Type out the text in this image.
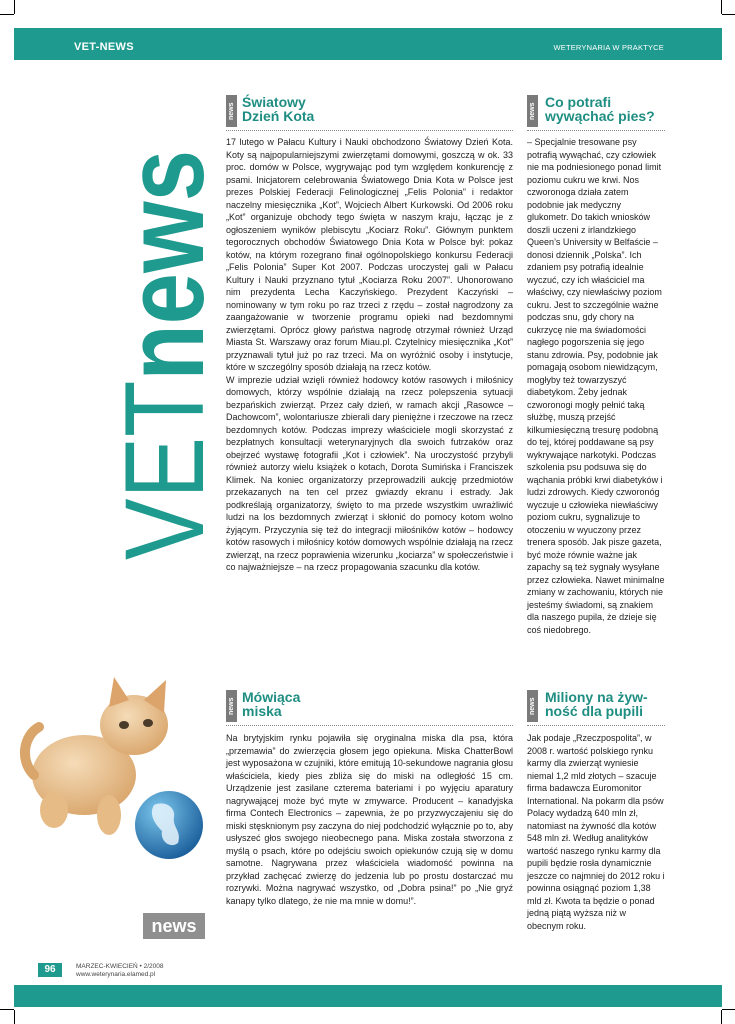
VET-NEWS	WETERYNARIA W PRAKTYCE
VETnews
news
news
Światowy
Dzień Kota

17 lutego w Pałacu Kultury i Nauki obchodzono Światowy Dzień Kota. Koty są najpopularniejszymi zwierzętami domowymi, goszczą w ok. 33 proc. domów w Polsce, wygrywając pod tym względem konkurencję z psami. Inicjatorem celebrowania Światowego Dnia Kota w Polsce jest prezes Polskiej Federacji Felinologicznej „Felis Polonia” i redaktor naczelny miesięcznika „Kot”, Wojciech Albert Kurkowski. Od 2006 roku „Kot” organizuje obchody tego święta w naszym kraju, łącząc je z ogłoszeniem wyników plebiscytu „Kociarz Roku”. Głównym punktem tegorocznych obchodów Światowego Dnia Kota w Polsce był: pokaz kotów, na którym rozegrano finał ogólnopolskiego konkursu Federacji „Felis Polonia” Super Kot 2007. Podczas uroczystej gali w Pałacu Kultury i Nauki przyznano tytuł „Kociarza Roku 2007”. Uhonorowano nim prezydenta Lecha Kaczyńskiego. Prezydent Kaczyński – nominowany w tym roku po raz trzeci z rzędu – został nagrodzony za zaangażowanie w tworzenie programu opieki nad bezdomnymi zwierzętami. Oprócz głowy państwa nagrodę otrzymał również Urząd Miasta St. Warszawy oraz forum Miau.pl. Czytelnicy miesięcznika „Kot” przyznawali tytuł już po raz trzeci. Ma on wyróżnić osoby i instytucje, które w szczególny sposób działają na rzecz kotów.

W imprezie udział wzięli również hodowcy kotów rasowych i miłośnicy domowych, którzy wspólnie działają na rzecz polepszenia sytuacji bezpańskich zwierząt. Przez cały dzień, w ramach akcji „Rasowce – Dachowcom”, wolontariusze zbierali dary pieniężne i rzeczowe na rzecz bezdomnych kotów. Podczas imprezy właściciele mogli skorzystać z bezpłatnych konsultacji weterynaryjnych dla swoich futrzaków oraz obejrzeć wystawę fotografii „Kot i człowiek”. Na uroczystość przybyli również autorzy wielu książek o kotach, Dorota Sumińska i Franciszek Klimek. Na koniec organizatorzy przeprowadzili aukcję przedmiotów przekazanych na ten cel przez gwiazdy ekranu i estrady. Jak podkreślają organizatorzy, święto to ma przede wszystkim uwrażliwić ludzi na los bezdomnych zwierząt i skłonić do pomocy kotom wolno żyjącym. Przyczynia się też do integracji miłośników kotów – hodowcy kotów rasowych i miłośnicy kotów domowych wspólnie działają na rzecz zwierząt, na rzecz poprawienia wizerunku „kociarza” w społeczeństwie i co najważniejsze – na rzecz propagowania szacunku dla kotów.

news
Co potrafi
wywąchać pies?

– Specjalnie tresowane psy potrafią wywąchać, czy człowiek nie ma podniesionego ponad limit poziomu cukru we krwi. Nos czworonoga działa zatem podobnie jak medyczny glukometr. Do takich wniosków doszli uczeni z irlandzkiego Queen’s University w Belfaście – donosi dziennik „Polska”. Ich zdaniem psy potrafią idealnie wyczuć, czy ich właściciel ma właściwy, czy niewłaściwy poziom cukru. Jest to szczególnie ważne podczas snu, gdy chory na cukrzycę nie ma świadomości nagłego pogorszenia się jego stanu zdrowia. Psy, podobnie jak pomagają osobom niewidzącym, mogłyby też towarzyszyć diabetykom. Żeby jednak czworonogi mogły pełnić taką służbę, muszą przejść kilkumiesięczną tresurę podobną do tej, której poddawane są psy wykrywające narkotyki. Podczas szkolenia psu podsuwa się do wąchania próbki krwi diabetyków i ludzi zdrowych. Kiedy czworonóg wyczuje u człowieka niewłaściwy poziom cukru, sygnalizuje to otoczeniu w wyuczony przez trenera sposób. Jak pisze gazeta, być może równie ważne jak zapachy są też sygnały wysyłane przez człowieka. Nawet minimalne zmiany w zachowaniu, których nie jesteśmy świadomi, są znakiem dla naszego pupila, że dzieje się coś niedobrego.

news
Mówiąca
miska

Na brytyjskim rynku pojawiła się oryginalna miska dla psa, która „przemawia” do zwierzęcia głosem jego opiekuna. Miska ChatterBowl jest wyposażona w czujniki, które emitują 10-sekundowe nagrania głosu właściciela, kiedy pies zbliża się do miski na odległość 15 cm. Urządzenie jest zasilane czterema bateriami i po wyjęciu aparatury nagrywającej może być myte w zmywarce. Producent – kanadyjska firma Contech Electronics – zapewnia, że po przyzwyczajeniu się do miski stęsknionym psy zaczyna do niej podchodzić wyłącznie po to, aby usłyszeć głos swojego nieobecnego pana. Miska została stworzona z myślą o psach, które po odejściu swoich opiekunów czują się w domu samotne. Nagrywana przez właściciela wiadomość powinna na przykład zachęcać zwierzę do jedzenia lub po prostu dostarczać mu rozrywki. Można nagrywać wszystko, od „Dobra psina!” po „Nie gryź kanapy tylko dlatego, że nie ma mnie w domu!”.

news
Miliony na żyw-
ność dla pupili

Jak podaje „Rzeczpospolita”, w 2008 r. wartość polskiego rynku karmy dla zwierząt wyniesie niemal 1,2 mld złotych – szacuje firma badawcza Euromonitor International. Na pokarm dla psów Polacy wydadzą 640 mln zł, natomiast na żywność dla kotów 548 mln zł. Według analityków wartość naszego rynku karmy dla pupili będzie rosła dynamicznie jeszcze co najmniej do 2012 roku i powinna osiągnąć poziom 1,38 mld zł. Kwota ta będzie o ponad jedną piątą wyższa niż w obecnym roku.

96	MARZEC-KWIECIEŃ • 2/2008
www.weterynaria.elamed.pl
